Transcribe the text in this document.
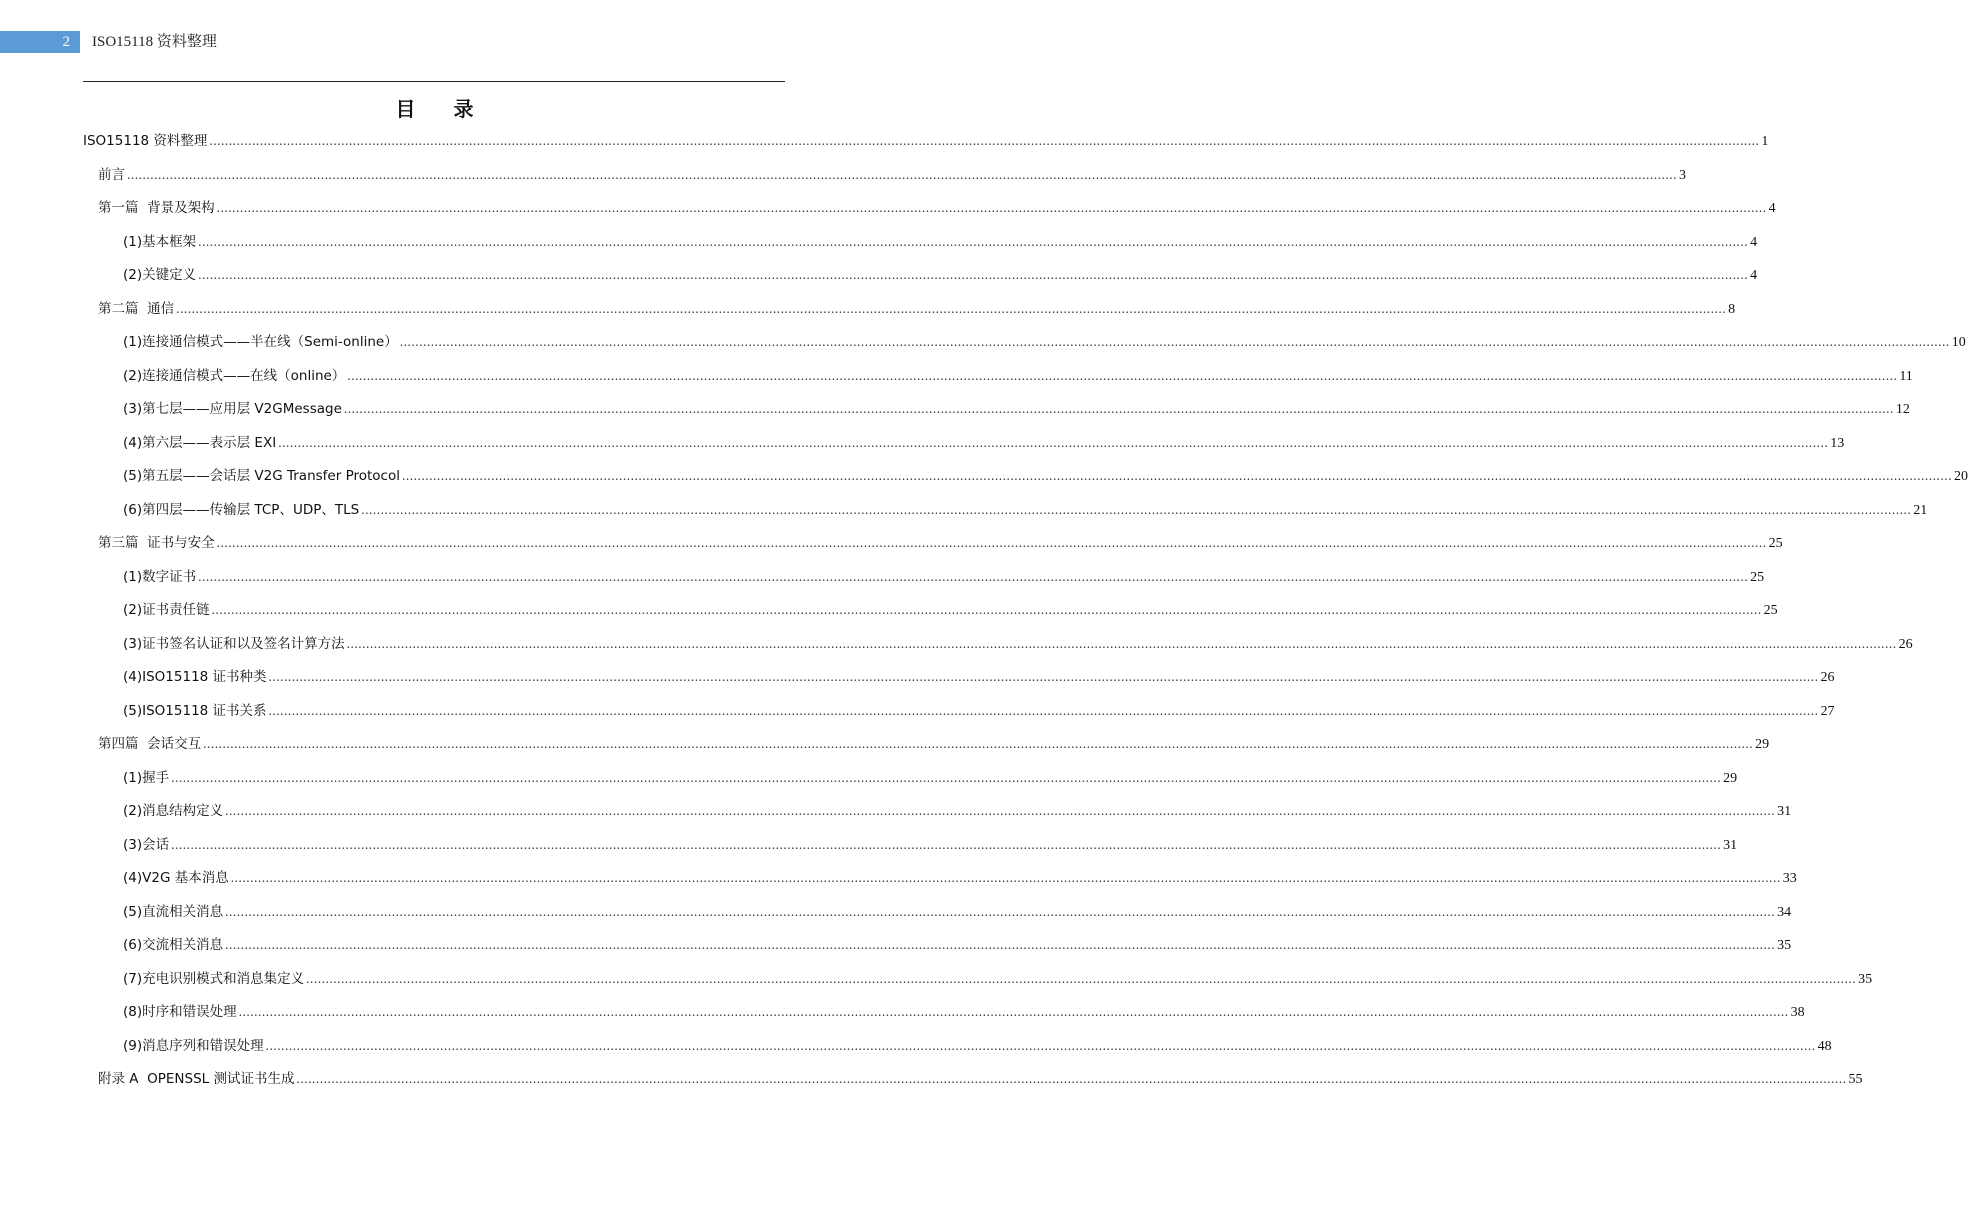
2 ISO15118 资料整理
目录
ISO15118 资料整理 ................................................................................................................................................................................................................................................................................................................................................................................................................ 1
前言 ................................................................................................................................................................................................................................................................................................................................................................................................................ 3
第一篇  背景及架构 ................................................................................................................................................................................................................................................................................................................................................................................................................ 4
(1) 基本框架 ................................................................................................................................................................................................................................................................................................................................................................................................................ 4
(2) 关键定义 ................................................................................................................................................................................................................................................................................................................................................................................................................ 4
第二篇  通信 ................................................................................................................................................................................................................................................................................................................................................................................................................ 8
(1) 连接通信模式——半在线（Semi-online） ................................................................................................................................................................................................................................................................................................................................................................................................................ 10
(2) 连接通信模式——在线（online） ................................................................................................................................................................................................................................................................................................................................................................................................................ 11
(3) 第七层——应用层 V2GMessage ................................................................................................................................................................................................................................................................................................................................................................................................................ 12
(4) 第六层——表示层 EXI ................................................................................................................................................................................................................................................................................................................................................................................................................ 13
(5) 第五层——会话层 V2G Transfer Protocol ................................................................................................................................................................................................................................................................................................................................................................................................................ 20
(6) 第四层——传输层 TCP、UDP、TLS ................................................................................................................................................................................................................................................................................................................................................................................................................ 21
第三篇  证书与安全 ................................................................................................................................................................................................................................................................................................................................................................................................................ 25
(1) 数字证书 ................................................................................................................................................................................................................................................................................................................................................................................................................ 25
(2) 证书责任链 ................................................................................................................................................................................................................................................................................................................................................................................................................ 25
(3) 证书签名认证和以及签名计算方法 ................................................................................................................................................................................................................................................................................................................................................................................................................ 26
(4) ISO15118 证书种类 ................................................................................................................................................................................................................................................................................................................................................................................................................ 26
(5) ISO15118 证书关系 ................................................................................................................................................................................................................................................................................................................................................................................................................ 27
第四篇  会话交互 ................................................................................................................................................................................................................................................................................................................................................................................................................ 29
(1) 握手 ................................................................................................................................................................................................................................................................................................................................................................................................................ 29
(2) 消息结构定义 ................................................................................................................................................................................................................................................................................................................................................................................................................ 31
(3) 会话 ................................................................................................................................................................................................................................................................................................................................................................................................................ 31
(4) V2G 基本消息 ................................................................................................................................................................................................................................................................................................................................................................................................................ 33
(5) 直流相关消息 ................................................................................................................................................................................................................................................................................................................................................................................................................ 34
(6) 交流相关消息 ................................................................................................................................................................................................................................................................................................................................................................................................................ 35
(7) 充电识别模式和消息集定义 ................................................................................................................................................................................................................................................................................................................................................................................................................ 35
(8) 时序和错误处理 ................................................................................................................................................................................................................................................................................................................................................................................................................ 38
(9) 消息序列和错误处理 ................................................................................................................................................................................................................................................................................................................................................................................................................ 48
附录 A  OPENSSL 测试证书生成 ................................................................................................................................................................................................................................................................................................................................................................................................................ 55
